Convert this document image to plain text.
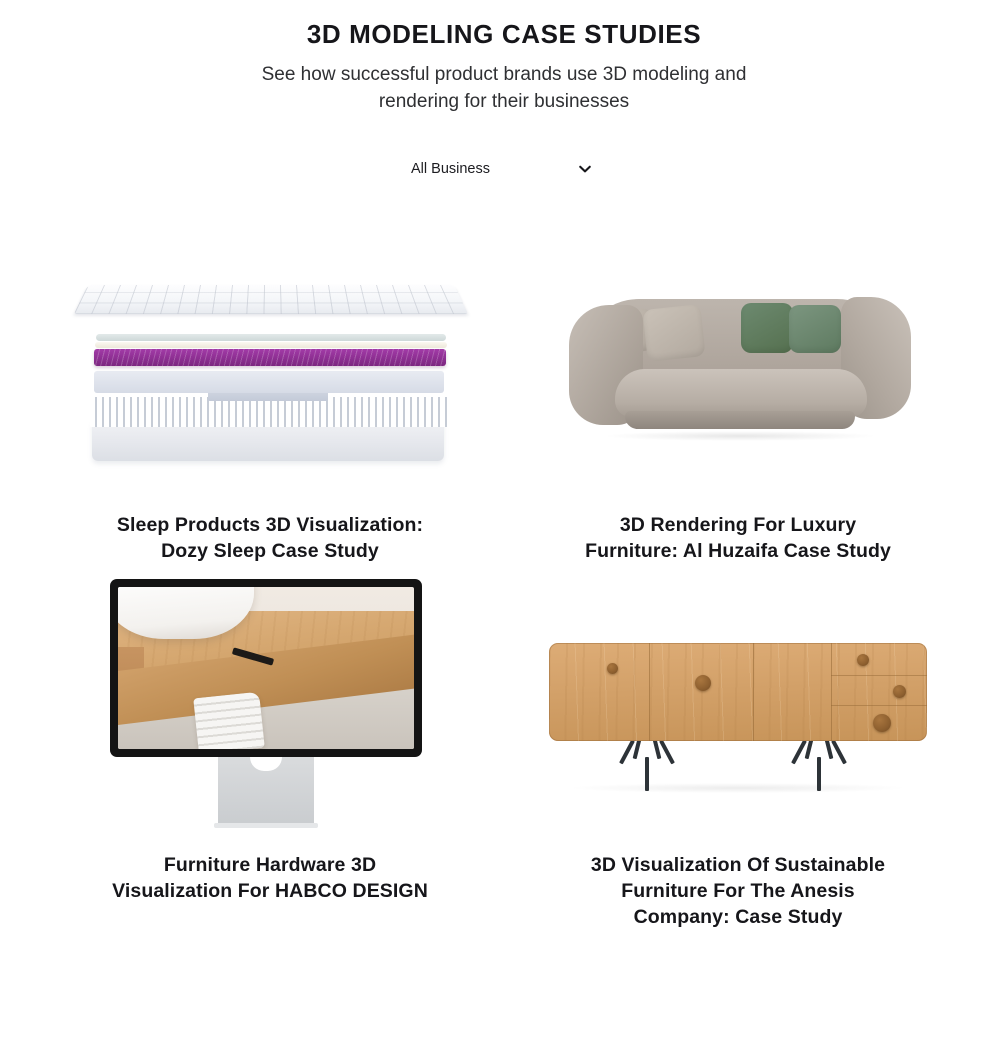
3D MODELING CASE STUDIES

See how successful product brands use 3D modeling and rendering for their businesses

All Business
Sleep Products 3D Visualization: Dozy Sleep Case Study
3D Rendering For Luxury Furniture: Al Huzaifa Case Study
Furniture Hardware 3D Visualization For HABCO DESIGN
3D Visualization Of Sustainable Furniture For The Anesis Company: Case Study
